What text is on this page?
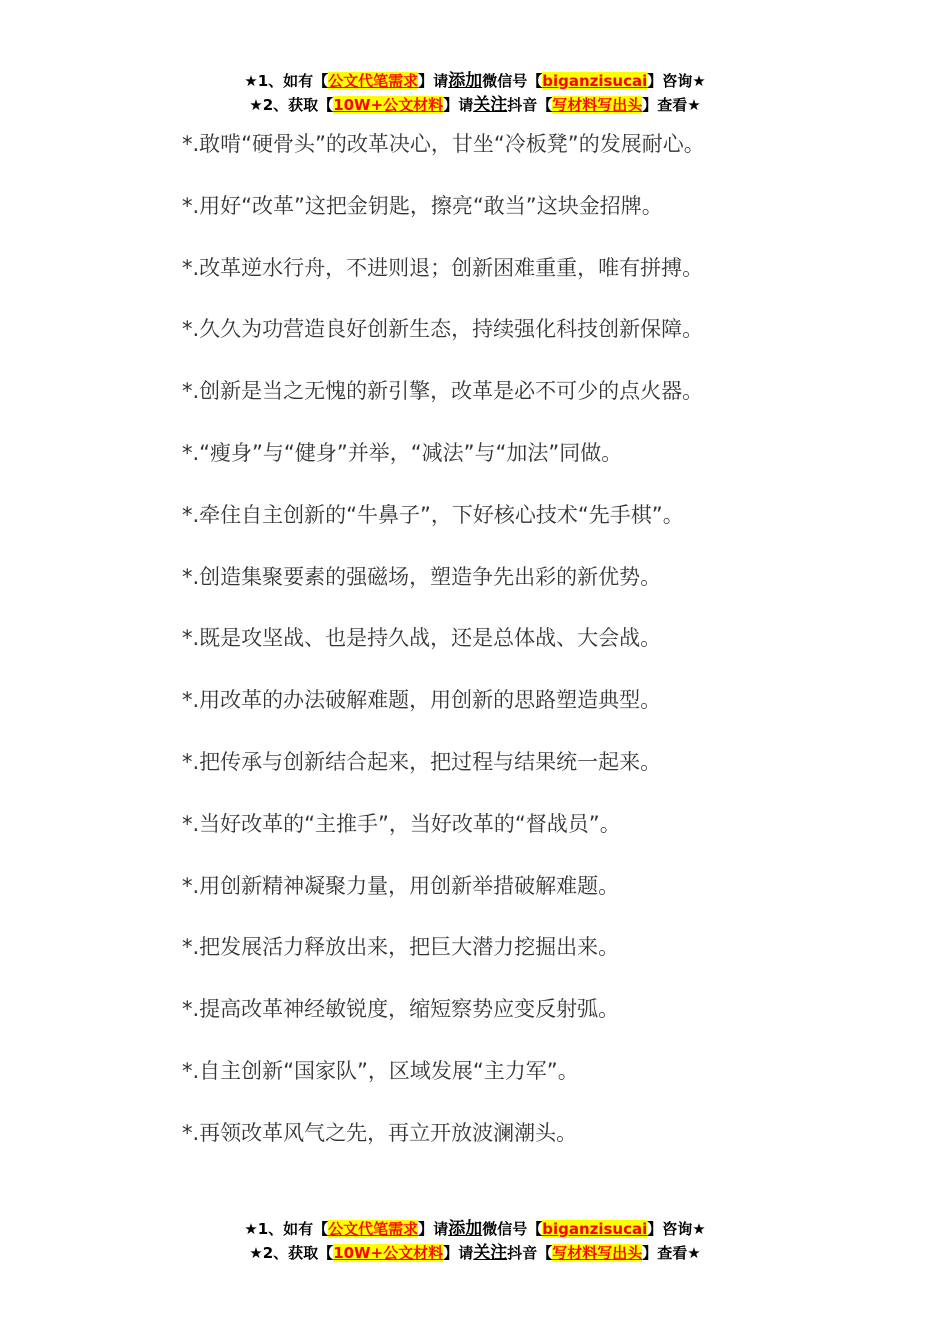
★1、如有【公文代笔需求】请添加微信号【biganzisucai】咨询★
★2、获取【10W+公文材料】请关注抖音【写材料写出头】查看★
*.敢啃“硬骨头”的改革决心，甘坐“冷板凳”的发展耐心。
*.用好“改革”这把金钥匙，擦亮“敢当”这块金招牌。
*.改革逆水行舟，不进则退；创新困难重重，唯有拼搏。
*.久久为功营造良好创新生态，持续强化科技创新保障。
*.创新是当之无愧的新引擎，改革是必不可少的点火器。
*.“瘦身”与“健身”并举，“减法”与“加法”同做。
*.牵住自主创新的“牛鼻子”，下好核心技术“先手棋”。
*.创造集聚要素的强磁场，塑造争先出彩的新优势。
*.既是攻坚战、也是持久战，还是总体战、大会战。
*.用改革的办法破解难题，用创新的思路塑造典型。
*.把传承与创新结合起来，把过程与结果统一起来。
*.当好改革的“主推手”，当好改革的“督战员”。
*.用创新精神凝聚力量，用创新举措破解难题。
*.把发展活力释放出来，把巨大潜力挖掘出来。
*.提高改革神经敏锐度，缩短察势应变反射弧。
*.自主创新“国家队”，区域发展“主力军”。
*.再领改革风气之先，再立开放波澜潮头。
★1、如有【公文代笔需求】请添加微信号【biganzisucai】咨询★
★2、获取【10W+公文材料】请关注抖音【写材料写出头】查看★
